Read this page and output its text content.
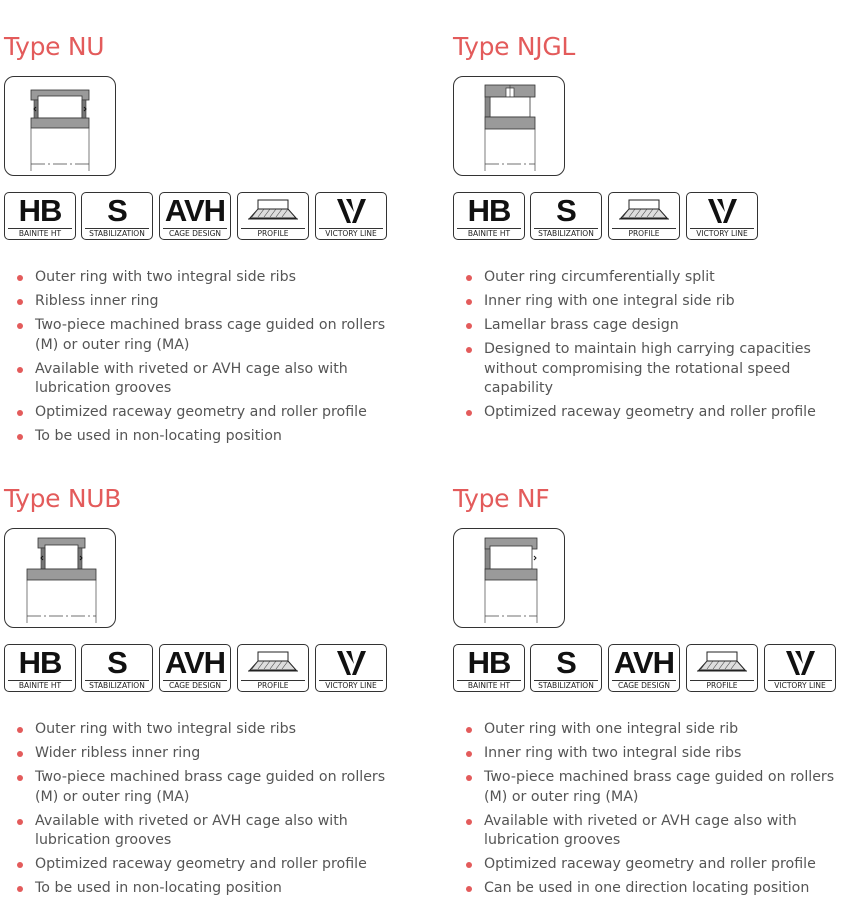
Type NU
HB
BAINITE HT
S
STABILIZATION
AVH
CAGE DESIGN	PROFILE	VICTORY LINE
Outer ring with two integral side ribs
Ribless inner ring
Two-piece machined brass cage guided on rollers (M) or outer ring (MA)
Available with riveted or AVH cage also with lubrication grooves
Optimized raceway geometry and roller profile
To be used in non-locating position
Type NJGL
HB
BAINITE HT
S
STABILIZATION	PROFILE	VICTORY LINE
Outer ring circumferentially split
Inner ring with one integral side rib
Lamellar brass cage design
Designed to maintain high carrying capacities without compromising the rotational speed capability
Optimized raceway geometry and roller profile
Type NUB
HB
BAINITE HT
S
STABILIZATION
AVH
CAGE DESIGN	PROFILE	VICTORY LINE
Outer ring with two integral side ribs
Wider ribless inner ring
Two-piece machined brass cage guided on rollers (M) or outer ring (MA)
Available with riveted or AVH cage also with lubrication grooves
Optimized raceway geometry and roller profile
To be used in non-locating position
Type NF
HB
BAINITE HT
S
STABILIZATION
AVH
CAGE DESIGN	PROFILE	VICTORY LINE
Outer ring with one integral side rib
Inner ring with two integral side ribs
Two-piece machined brass cage guided on rollers (M) or outer ring (MA)
Available with riveted or AVH cage also with lubrication grooves
Optimized raceway geometry and roller profile
Can be used in one direction locating position
